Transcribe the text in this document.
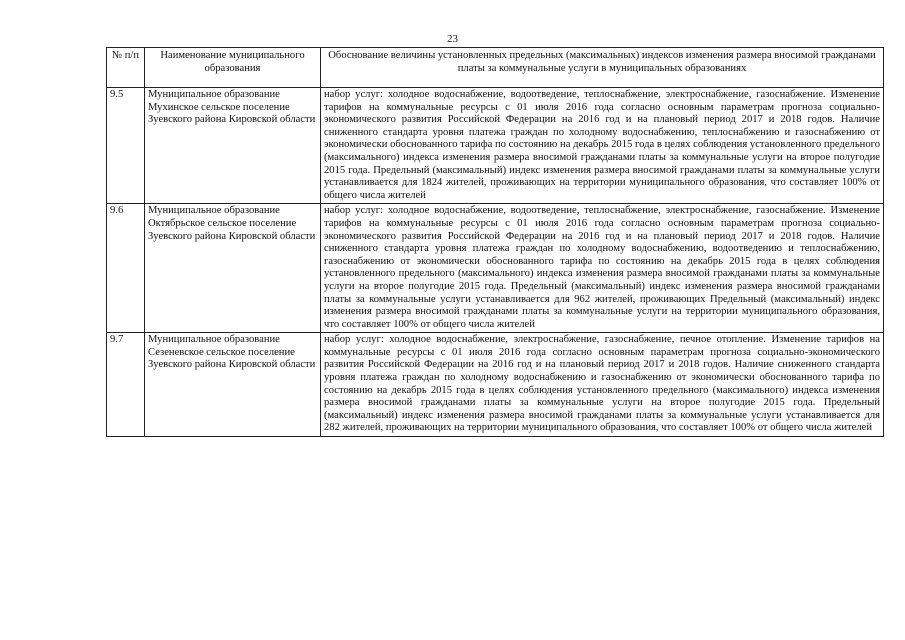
23
№ п/п	Наименование муниципального образования	Обоснование величины установленных предельных (максимальных) индексов изменения размера вносимой гражданами платы за коммунальные услуги в муниципальных образованиях
9.5	Муниципальное образование Мухинское сельское поселение Зуевского района Кировской области	набор услуг: холодное водоснабжение, водоотведение, теплоснабжение, электроснабжение, газоснабжение. Изменение тарифов на коммунальные ресурсы с 01 июля 2016 года согласно основным параметрам прогноза социально-экономического развития Российской Федерации на 2016 год и на плановый период 2017 и 2018 годов. Наличие сниженного стандарта уровня платежа граждан по холодному водоснабжению, теплоснабжению и газоснабжению от экономически обоснованного тарифа по состоянию на декабрь 2015 года в целях соблюдения установленного предельного (максимального) индекса изменения размера вносимой гражданами платы за коммунальные услуги на второе полугодие 2015 года. Предельный (максимальный) индекс изменения размера вносимой гражданами платы за коммунальные услуги устанавливается для 1824 жителей, проживающих на территории муниципального образования, что составляет 100% от общего числа жителей
9.6	Муниципальное образование Октябрьское сельское поселение Зуевского района Кировской области	набор услуг: холодное водоснабжение, водоотведение, теплоснабжение, электроснабжение, газоснабжение. Изменение тарифов на коммунальные ресурсы с 01 июля 2016 года согласно основным параметрам прогноза социально-экономического развития Российской Федерации на 2016 год и на плановый период 2017 и 2018 годов. Наличие сниженного стандарта уровня платежа граждан по холодному водоснабжению, водоотведению и теплоснабжению, газоснабжению от экономически обоснованного тарифа по состоянию на декабрь 2015 года в целях соблюдения установленного предельного (максимального) индекса изменения размера вносимой гражданами платы за коммунальные услуги на второе полугодие 2015 года. Предельный (максимальный) индекс изменения размера вносимой гражданами платы за коммунальные услуги устанавливается для 962 жителей, проживающих Предельный (максимальный) индекс изменения размера вносимой гражданами платы за коммунальные услуги на территории муниципального образования, что составляет 100% от общего числа жителей
9.7	Муниципальное образование Сезеневское сельское поселение Зуевского района Кировской области	набор услуг: холодное водоснабжение, электроснабжение, газоснабжение, печное отопление. Изменение тарифов на коммунальные ресурсы с 01 июля 2016 года согласно основным параметрам прогноза социально-экономического развития Российской Федерации на 2016 год и на плановый период 2017 и 2018 годов. Наличие сниженного стандарта уровня платежа граждан по холодному водоснабжению и газоснабжению от экономически обоснованного тарифа по состоянию на декабрь 2015 года в целях соблюдения установленного предельного (максимального) индекса изменения размера вносимой гражданами платы за коммунальные услуги на второе полугодие 2015 года. Предельный (максимальный) индекс изменения размера вносимой гражданами платы за коммунальные услуги устанавливается для 282 жителей, проживающих на территории муниципального образования, что составляет 100% от общего числа жителей
